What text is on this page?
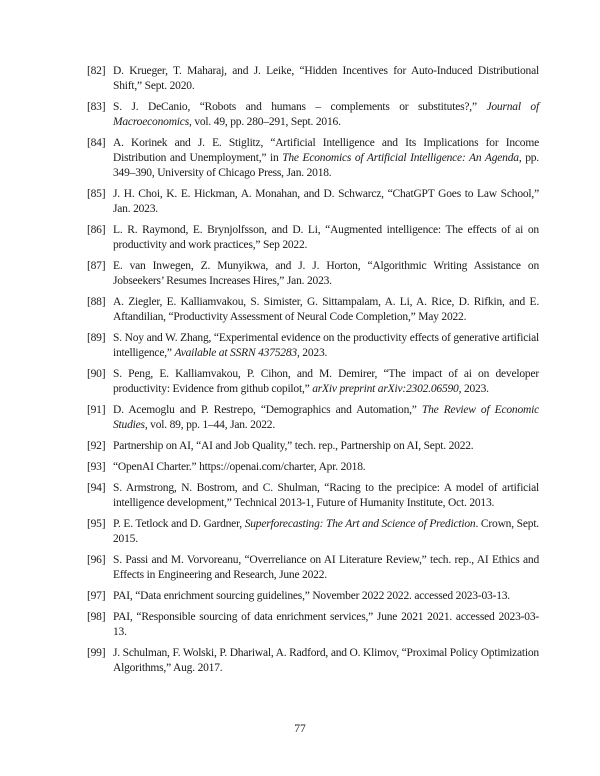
[82] D. Krueger, T. Maharaj, and J. Leike, “Hidden Incentives for Auto-Induced Distributional Shift,” Sept. 2020.
[83] S. J. DeCanio, “Robots and humans – complements or substitutes?,” Journal of Macroeconomics, vol. 49, pp. 280–291, Sept. 2016.
[84] A. Korinek and J. E. Stiglitz, “Artificial Intelligence and Its Implications for Income Distribution and Unemployment,” in The Economics of Artificial Intelligence: An Agenda, pp. 349–390, University of Chicago Press, Jan. 2018.
[85] J. H. Choi, K. E. Hickman, A. Monahan, and D. Schwarcz, “ChatGPT Goes to Law School,” Jan. 2023.
[86] L. R. Raymond, E. Brynjolfsson, and D. Li, “Augmented intelligence: The effects of ai on productivity and work practices,” Sep 2022.
[87] E. van Inwegen, Z. Munyikwa, and J. J. Horton, “Algorithmic Writing Assistance on Jobseekers’ Resumes Increases Hires,” Jan. 2023.
[88] A. Ziegler, E. Kalliamvakou, S. Simister, G. Sittampalam, A. Li, A. Rice, D. Rifkin, and E. Aftandilian, “Productivity Assessment of Neural Code Completion,” May 2022.
[89] S. Noy and W. Zhang, “Experimental evidence on the productivity effects of generative artificial intelligence,” Available at SSRN 4375283, 2023.
[90] S. Peng, E. Kalliamvakou, P. Cihon, and M. Demirer, “The impact of ai on developer productivity: Evidence from github copilot,” arXiv preprint arXiv:2302.06590, 2023.
[91] D. Acemoglu and P. Restrepo, “Demographics and Automation,” The Review of Economic Studies, vol. 89, pp. 1–44, Jan. 2022.
[92] Partnership on AI, “AI and Job Quality,” tech. rep., Partnership on AI, Sept. 2022.
[93] “OpenAI Charter.” https://openai.com/charter, Apr. 2018.
[94] S. Armstrong, N. Bostrom, and C. Shulman, “Racing to the precipice: A model of artificial intelligence development,” Technical 2013-1, Future of Humanity Institute, Oct. 2013.
[95] P. E. Tetlock and D. Gardner, Superforecasting: The Art and Science of Prediction. Crown, Sept. 2015.
[96] S. Passi and M. Vorvoreanu, “Overreliance on AI Literature Review,” tech. rep., AI Ethics and Effects in Engineering and Research, June 2022.
[97] PAI, “Data enrichment sourcing guidelines,” November 2022 2022. accessed 2023-03-13.
[98] PAI, “Responsible sourcing of data enrichment services,” June 2021 2021. accessed 2023-03-13.
[99] J. Schulman, F. Wolski, P. Dhariwal, A. Radford, and O. Klimov, “Proximal Policy Optimization Algorithms,” Aug. 2017.
77
